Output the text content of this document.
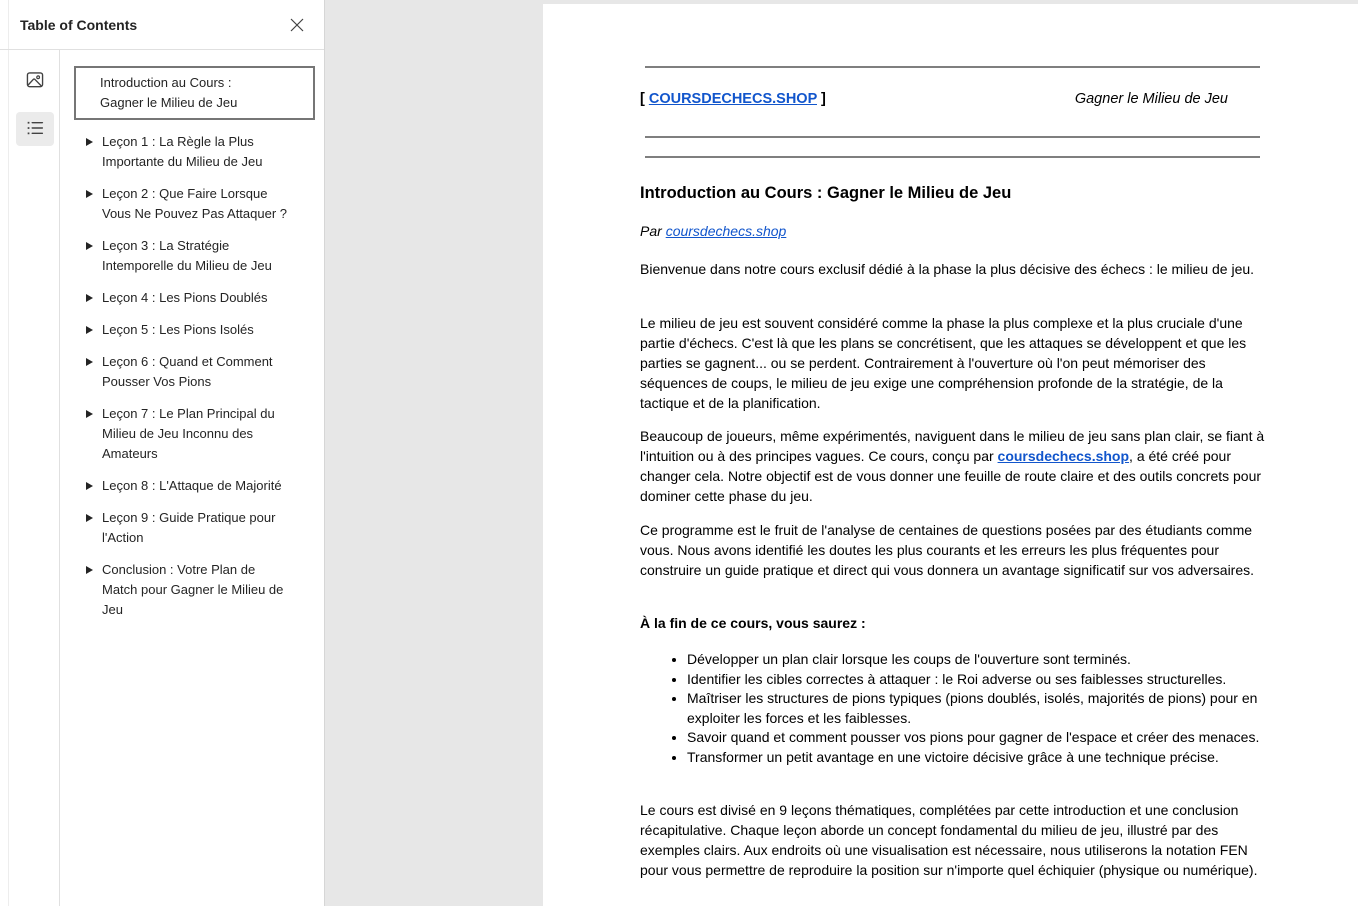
Table of Contents
Introduction au Cours : Gagner le Milieu de Jeu
Leçon 1 : La Règle la Plus Importante du Milieu de Jeu
Leçon 2 : Que Faire Lorsque Vous Ne Pouvez Pas Attaquer ?
Leçon 3 : La Stratégie Intemporelle du Milieu de Jeu
Leçon 4 : Les Pions Doublés
Leçon 5 : Les Pions Isolés
Leçon 6 : Quand et Comment Pousser Vos Pions
Leçon 7 : Le Plan Principal du Milieu de Jeu Inconnu des Amateurs
Leçon 8 : L'Attaque de Majorité
Leçon 9 : Guide Pratique pour l'Action
Conclusion : Votre Plan de Match pour Gagner le Milieu de Jeu
[ COURSDECHECS.SHOP ]	Gagner le Milieu de Jeu
Introduction au Cours : Gagner le Milieu de Jeu

Par coursdechecs.shop

Bienvenue dans notre cours exclusif dédié à la phase la plus décisive des échecs : le milieu de jeu.

Le milieu de jeu est souvent considéré comme la phase la plus complexe et la plus cruciale d'une partie d'échecs. C'est là que les plans se concrétisent, que les attaques se développent et que les parties se gagnent... ou se perdent. Contrairement à l'ouverture où l'on peut mémoriser des séquences de coups, le milieu de jeu exige une compréhension profonde de la stratégie, de la tactique et de la planification.

Beaucoup de joueurs, même expérimentés, naviguent dans le milieu de jeu sans plan clair, se fiant à l'intuition ou à des principes vagues. Ce cours, conçu par coursdechecs.shop, a été créé pour changer cela. Notre objectif est de vous donner une feuille de route claire et des outils concrets pour dominer cette phase du jeu.

Ce programme est le fruit de l'analyse de centaines de questions posées par des étudiants comme vous. Nous avons identifié les doutes les plus courants et les erreurs les plus fréquentes pour construire un guide pratique et direct qui vous donnera un avantage significatif sur vos adversaires.

À la fin de ce cours, vous saurez :

• Développer un plan clair lorsque les coups de l'ouverture sont terminés.
• Identifier les cibles correctes à attaquer : le Roi adverse ou ses faiblesses structurelles.
• Maîtriser les structures de pions typiques (pions doublés, isolés, majorités de pions) pour en exploiter les forces et les faiblesses.
• Savoir quand et comment pousser vos pions pour gagner de l'espace et créer des menaces.
• Transformer un petit avantage en une victoire décisive grâce à une technique précise.

Le cours est divisé en 9 leçons thématiques, complétées par cette introduction et une conclusion récapitulative. Chaque leçon aborde un concept fondamental du milieu de jeu, illustré par des exemples clairs. Aux endroits où une visualisation est nécessaire, nous utiliserons la notation FEN pour vous permettre de reproduire la position sur n'importe quel échiquier (physique ou numérique).
